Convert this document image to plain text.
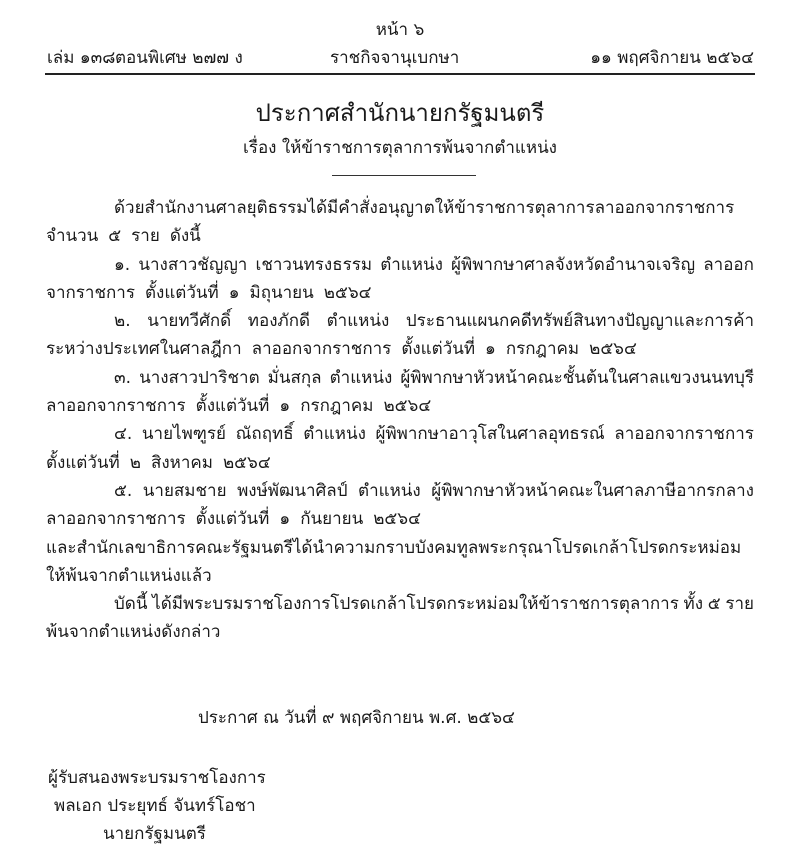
หน้า ๖
เล่ม ๑๓๘ ตอนพิเศษ ๒๗๗ ง	ราชกิจจานุเบกษา	๑๑ พฤศจิกายน ๒๕๖๔
ประกาศสำนักนายกรัฐมนตรี
เรื่อง ให้ข้าราชการตุลาการพ้นจากตำแหน่ง
ด้วยสำนักงานศาลยุติธรรมได้มีคำสั่งอนุญาตให้ข้าราชการตุลาการลาออกจากราชการ
จำนวน ๕ ราย ดังนี้
๑. นางสาวชัญญา เชาวนทรงธรรม ตำแหน่ง ผู้พิพากษาศาลจังหวัดอำนาจเจริญ ลาออก
จากราชการ ตั้งแต่วันที่ ๑ มิถุนายน ๒๕๖๔
๒. นายทวีศักดิ์ ทองภักดี ตำแหน่ง ประธานแผนกคดีทรัพย์สินทางปัญญาและการค้า
ระหว่างประเทศในศาลฎีกา ลาออกจากราชการ ตั้งแต่วันที่ ๑ กรกฎาคม ๒๕๖๔
๓. นางสาวปาริชาต มั่นสกุล ตำแหน่ง ผู้พิพากษาหัวหน้าคณะชั้นต้นในศาลแขวงนนทบุรี
ลาออกจากราชการ ตั้งแต่วันที่ ๑ กรกฎาคม ๒๕๖๔
๔. นายไพฑูรย์ ณัถฤทธิ์ ตำแหน่ง ผู้พิพากษาอาวุโสในศาลอุทธรณ์ ลาออกจากราชการ
ตั้งแต่วันที่ ๒ สิงหาคม ๒๕๖๔
๕. นายสมชาย พงษ์พัฒนาศิลป์ ตำแหน่ง ผู้พิพากษาหัวหน้าคณะในศาลภาษีอากรกลาง
ลาออกจากราชการ ตั้งแต่วันที่ ๑ กันยายน ๒๕๖๔
และสำนักเลขาธิการคณะรัฐมนตรีได้นำความกราบบังคมทูลพระกรุณาโปรดเกล้าโปรดกระหม่อม
ให้พ้นจากตำแหน่งแล้ว
บัดนี้ ได้มีพระบรมราชโองการโปรดเกล้าโปรดกระหม่อมให้ข้าราชการตุลาการ ทั้ง ๕ ราย
พ้นจากตำแหน่งดังกล่าว
ประกาศ ณ วันที่ ๙ พฤศจิกายน พ.ศ. ๒๕๖๔
ผู้รับสนองพระบรมราชโองการ
พลเอก ประยุทธ์ จันทร์โอชา
นายกรัฐมนตรี
